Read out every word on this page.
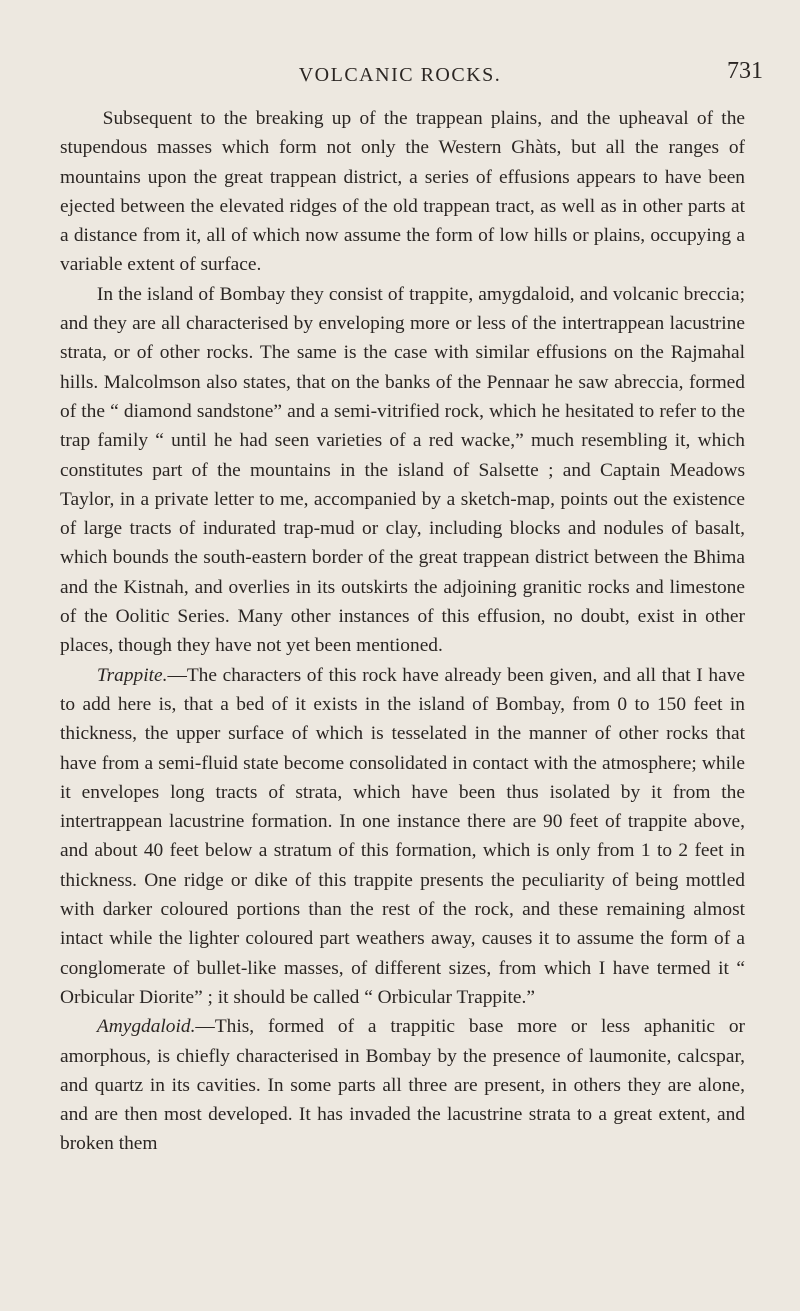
VOLCANIC ROCKS.	731

Subsequent to the breaking up of the trappean plains, and the upheaval of the stupendous masses which form not only the Western Ghàts, but all the ranges of mountains upon the great trappean district, a series of effusions appears to have been ejected between the elevated ridges of the old trappean tract, as well as in other parts at a distance from it, all of which now assume the form of low hills or plains, occupying a variable extent of surface.

In the island of Bombay they consist of trappite, amygdaloid, and volcanic breccia; and they are all characterised by enveloping more or less of the intertrappean lacustrine strata, or of other rocks. The same is the case with similar effusions on the Rajmahal hills. Malcolmson also states, that on the banks of the Pennaar he saw abreccia, formed of the “ diamond sandstone” and a semi-vitrified rock, which he hesitated to refer to the trap family “ until he had seen varieties of a red wacke,” much resembling it, which constitutes part of the mountains in the island of Salsette ; and Captain Meadows Taylor, in a private letter to me, accompanied by a sketch-map, points out the existence of large tracts of indurated trap-mud or clay, including blocks and nodules of basalt, which bounds the south-eastern border of the great trappean district between the Bhima and the Kistnah, and overlies in its outskirts the adjoining granitic rocks and limestone of the Oolitic Series. Many other instances of this effusion, no doubt, exist in other places, though they have not yet been mentioned.

Trappite.—The characters of this rock have already been given, and all that I have to add here is, that a bed of it exists in the island of Bombay, from 0 to 150 feet in thickness, the upper surface of which is tesselated in the manner of other rocks that have from a semi-fluid state become consolidated in contact with the atmosphere; while it envelopes long tracts of strata, which have been thus isolated by it from the intertrappean lacustrine formation. In one instance there are 90 feet of trappite above, and about 40 feet below a stratum of this formation, which is only from 1 to 2 feet in thickness. One ridge or dike of this trappite presents the peculiarity of being mottled with darker coloured portions than the rest of the rock, and these remaining almost intact while the lighter coloured part weathers away, causes it to assume the form of a conglomerate of bullet-like masses, of different sizes, from which I have termed it “ Orbicular Diorite” ; it should be called “ Orbicular Trappite.”

Amygdaloid.—This, formed of a trappitic base more or less aphanitic or amorphous, is chiefly characterised in Bombay by the presence of laumonite, calcspar, and quartz in its cavities. In some parts all three are present, in others they are alone, and are then most developed. It has invaded the lacustrine strata to a great extent, and broken them
